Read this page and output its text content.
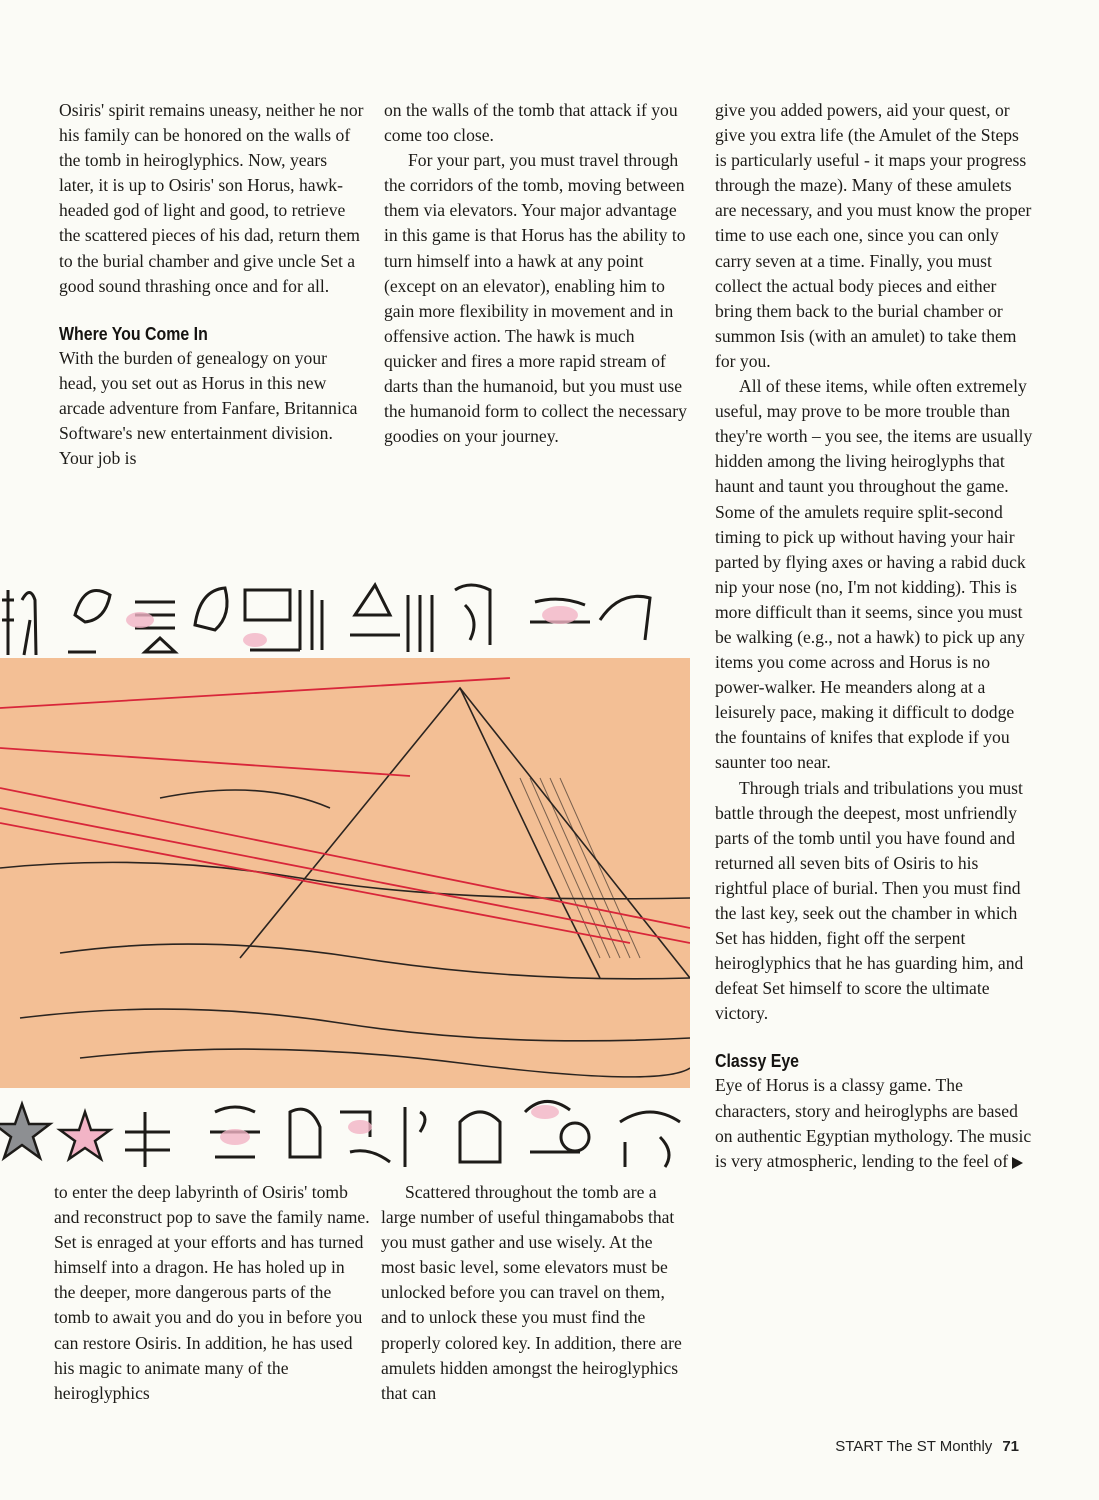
Osiris' spirit remains uneasy, neither he nor his family can be honored on the walls of the tomb in heiroglyphics. Now, years later, it is up to Osiris' son Horus, hawk-headed god of light and good, to retrieve the scattered pieces of his dad, return them to the burial chamber and give uncle Set a good sound thrashing once and for all.

Where You Come In

With the burden of genealogy on your head, you set out as Horus in this new arcade adventure from Fanfare, Britannica Software's new entertainment division. Your job is

on the walls of the tomb that attack if you come too close.

For your part, you must travel through the corridors of the tomb, moving between them via elevators. Your major advantage in this game is that Horus has the ability to turn himself into a hawk at any point (except on an elevator), enabling him to gain more flexibility in movement and in offensive action. The hawk is much quicker and fires a more rapid stream of darts than the humanoid, but you must use the humanoid form to collect the necessary goodies on your journey.

give you added powers, aid your quest, or give you extra life (the Amulet of the Steps is particularly useful - it maps your progress through the maze). Many of these amulets are necessary, and you must know the proper time to use each one, since you can only carry seven at a time. Finally, you must collect the actual body pieces and either bring them back to the burial chamber or summon Isis (with an amulet) to take them for you.

All of these items, while often extremely useful, may prove to be more trouble than they're worth – you see, the items are usually hidden among the living heiroglyphs that haunt and taunt you throughout the game. Some of the amulets require split-second timing to pick up without having your hair parted by flying axes or having a rabid duck nip your nose (no, I'm not kidding). This is more difficult than it seems, since you must be walking (e.g., not a hawk) to pick up any items you come across and Horus is no power-walker. He meanders along at a leisurely pace, making it difficult to dodge the fountains of knifes that explode if you saunter too near.

Through trials and tribulations you must battle through the deepest, most unfriendly parts of the tomb until you have found and returned all seven bits of Osiris to his rightful place of burial. Then you must find the last key, seek out the chamber in which Set has hidden, fight off the serpent heiroglyphics that he has guarding him, and defeat Set himself to score the ultimate victory.

Classy Eye

Eye of Horus is a classy game. The characters, story and heiroglyphs are based on authentic Egyptian mythology. The music is very atmospheric, lending to the feel of

to enter the deep labyrinth of Osiris' tomb and reconstruct pop to save the family name. Set is enraged at your efforts and has turned himself into a dragon. He has holed up in the deeper, more dangerous parts of the tomb to await you and do you in before you can restore Osiris. In addition, he has used his magic to animate many of the heiroglyphics

Scattered throughout the tomb are a large number of useful thingamabobs that you must gather and use wisely. At the most basic level, some elevators must be unlocked before you can travel on them, and to unlock these you must find the properly colored key. In addition, there are amulets hidden amongst the heiroglyphics that can

START The ST Monthly 71
